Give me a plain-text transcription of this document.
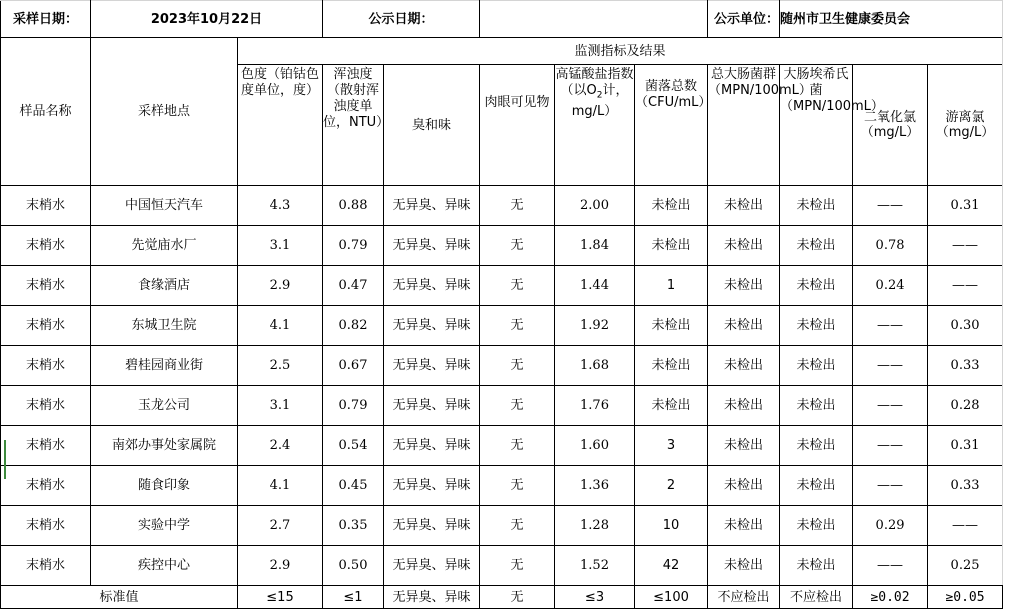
采样日期：	2023年10月22日		公示日期：					公示单位：	随州市卫生健康委员会		
样品名称	采样地点	监测指标及结果									
		色度（铂钴色度单位，度）	浑浊度（散射浑浊度单位，NTU）	臭和味	肉眼可见物	高锰酸盐指数（以$O_2$计，mg/L）	菌落总数（CFU/mL）	总大肠菌群（MPN/100mL）	大肠埃希氏菌（MPN/100mL）	二氧化氯（mg/L）	游离氯（mg/L）
末梢水	中国恒天汽车	4.3	0.88	无异臭、异味	无	2.00	未检出	未检出	未检出	——	0.31
末梢水	先觉庙水厂	3.1	0.79	无异臭、异味	无	1.84	未检出	未检出	未检出	0.78	——
末梢水	食缘酒店	2.9	0.47	无异臭、异味	无	1.44	1	未检出	未检出	0.24	——
末梢水	东城卫生院	4.1	0.82	无异臭、异味	无	1.92	未检出	未检出	未检出	——	0.30
末梢水	碧桂园商业街	2.5	0.67	无异臭、异味	无	1.68	未检出	未检出	未检出	——	0.33
末梢水	玉龙公司	3.1	0.79	无异臭、异味	无	1.76	未检出	未检出	未检出	——	0.28
末梢水	南郊办事处家属院	2.4	0.54	无异臭、异味	无	1.60	3	未检出	未检出	——	0.31
末梢水	随食印象	4.1	0.45	无异臭、异味	无	1.36	2	未检出	未检出	——	0.33
末梢水	实验中学	2.7	0.35	无异臭、异味	无	1.28	10	未检出	未检出	0.29	——
末梢水	疾控中心	2.9	0.50	无异臭、异味	无	1.52	42	未检出	未检出	——	0.25
标准值		≤15	≤1	无异臭、异味	无	≤3	≤100	不应检出	不应检出	≥0.02	≥0.05
